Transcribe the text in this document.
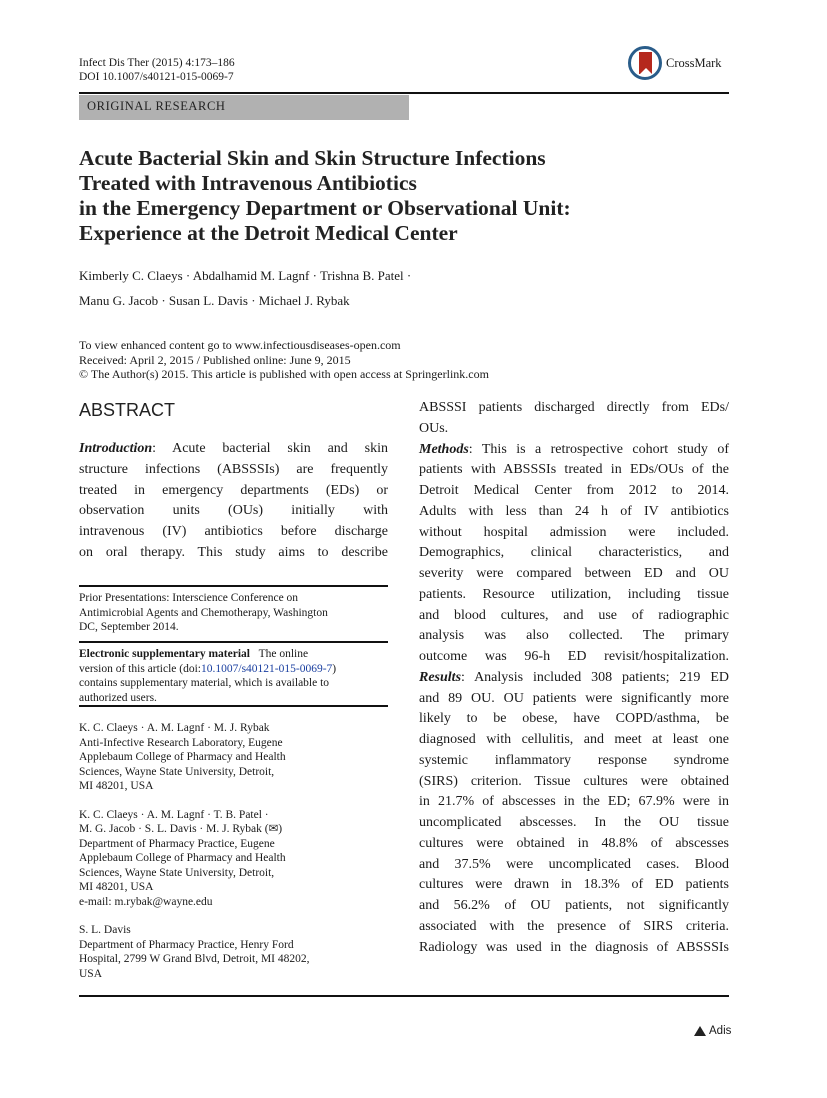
Infect Dis Ther (2015) 4:173–186
DOI 10.1007/s40121-015-0069-7
CrossMark
ORIGINAL RESEARCH
Acute Bacterial Skin and Skin Structure Infections
Treated with Intravenous Antibiotics
in the Emergency Department or Observational Unit:
Experience at the Detroit Medical Center
Kimberly C. Claeys · Abdalhamid M. Lagnf · Trishna B. Patel ·
Manu G. Jacob · Susan L. Davis · Michael J. Rybak
To view enhanced content go to www.infectiousdiseases-open.com
Received: April 2, 2015 / Published online: June 9, 2015
© The Author(s) 2015. This article is published with open access at Springerlink.com
ABSTRACT
Introduction: Acute bacterial skin and skin
structure infections (ABSSSIs) are frequently
treated in emergency departments (EDs) or
observation units (OUs) initially with
intravenous (IV) antibiotics before discharge
on oral therapy. This study aims to describe
ABSSSI patients discharged directly from EDs/
OUs.
Methods: This is a retrospective cohort study of
patients with ABSSSIs treated in EDs/OUs of the
Detroit Medical Center from 2012 to 2014.
Adults with less than 24 h of IV antibiotics
without hospital admission were included.
Demographics, clinical characteristics, and
severity were compared between ED and OU
patients. Resource utilization, including tissue
and blood cultures, and use of radiographic
analysis was also collected. The primary
outcome was 96-h ED revisit/hospitalization.
Results: Analysis included 308 patients; 219 ED
and 89 OU. OU patients were significantly more
likely to be obese, have COPD/asthma, be
diagnosed with cellulitis, and meet at least one
systemic inflammatory response syndrome
(SIRS) criterion. Tissue cultures were obtained
in 21.7% of abscesses in the ED; 67.9% were in
uncomplicated abscesses. In the OU tissue
cultures were obtained in 48.8% of abscesses
and 37.5% were uncomplicated cases. Blood
cultures were drawn in 18.3% of ED patients
and 56.2% of OU patients, not significantly
associated with the presence of SIRS criteria.
Radiology was used in the diagnosis of ABSSSIs
Prior Presentations: Interscience Conference on
Antimicrobial Agents and Chemotherapy, Washington
DC, September 2014.
Electronic supplementary material The online
version of this article (doi:10.1007/s40121-015-0069-7)
contains supplementary material, which is available to
authorized users.
K. C. Claeys · A. M. Lagnf · M. J. Rybak
Anti-Infective Research Laboratory, Eugene
Applebaum College of Pharmacy and Health
Sciences, Wayne State University, Detroit,
MI 48201, USA
K. C. Claeys · A. M. Lagnf · T. B. Patel ·
M. G. Jacob · S. L. Davis · M. J. Rybak (✉)
Department of Pharmacy Practice, Eugene
Applebaum College of Pharmacy and Health
Sciences, Wayne State University, Detroit,
MI 48201, USA
e-mail: m.rybak@wayne.edu
S. L. Davis
Department of Pharmacy Practice, Henry Ford
Hospital, 2799 W Grand Blvd, Detroit, MI 48202,
USA
Adis
